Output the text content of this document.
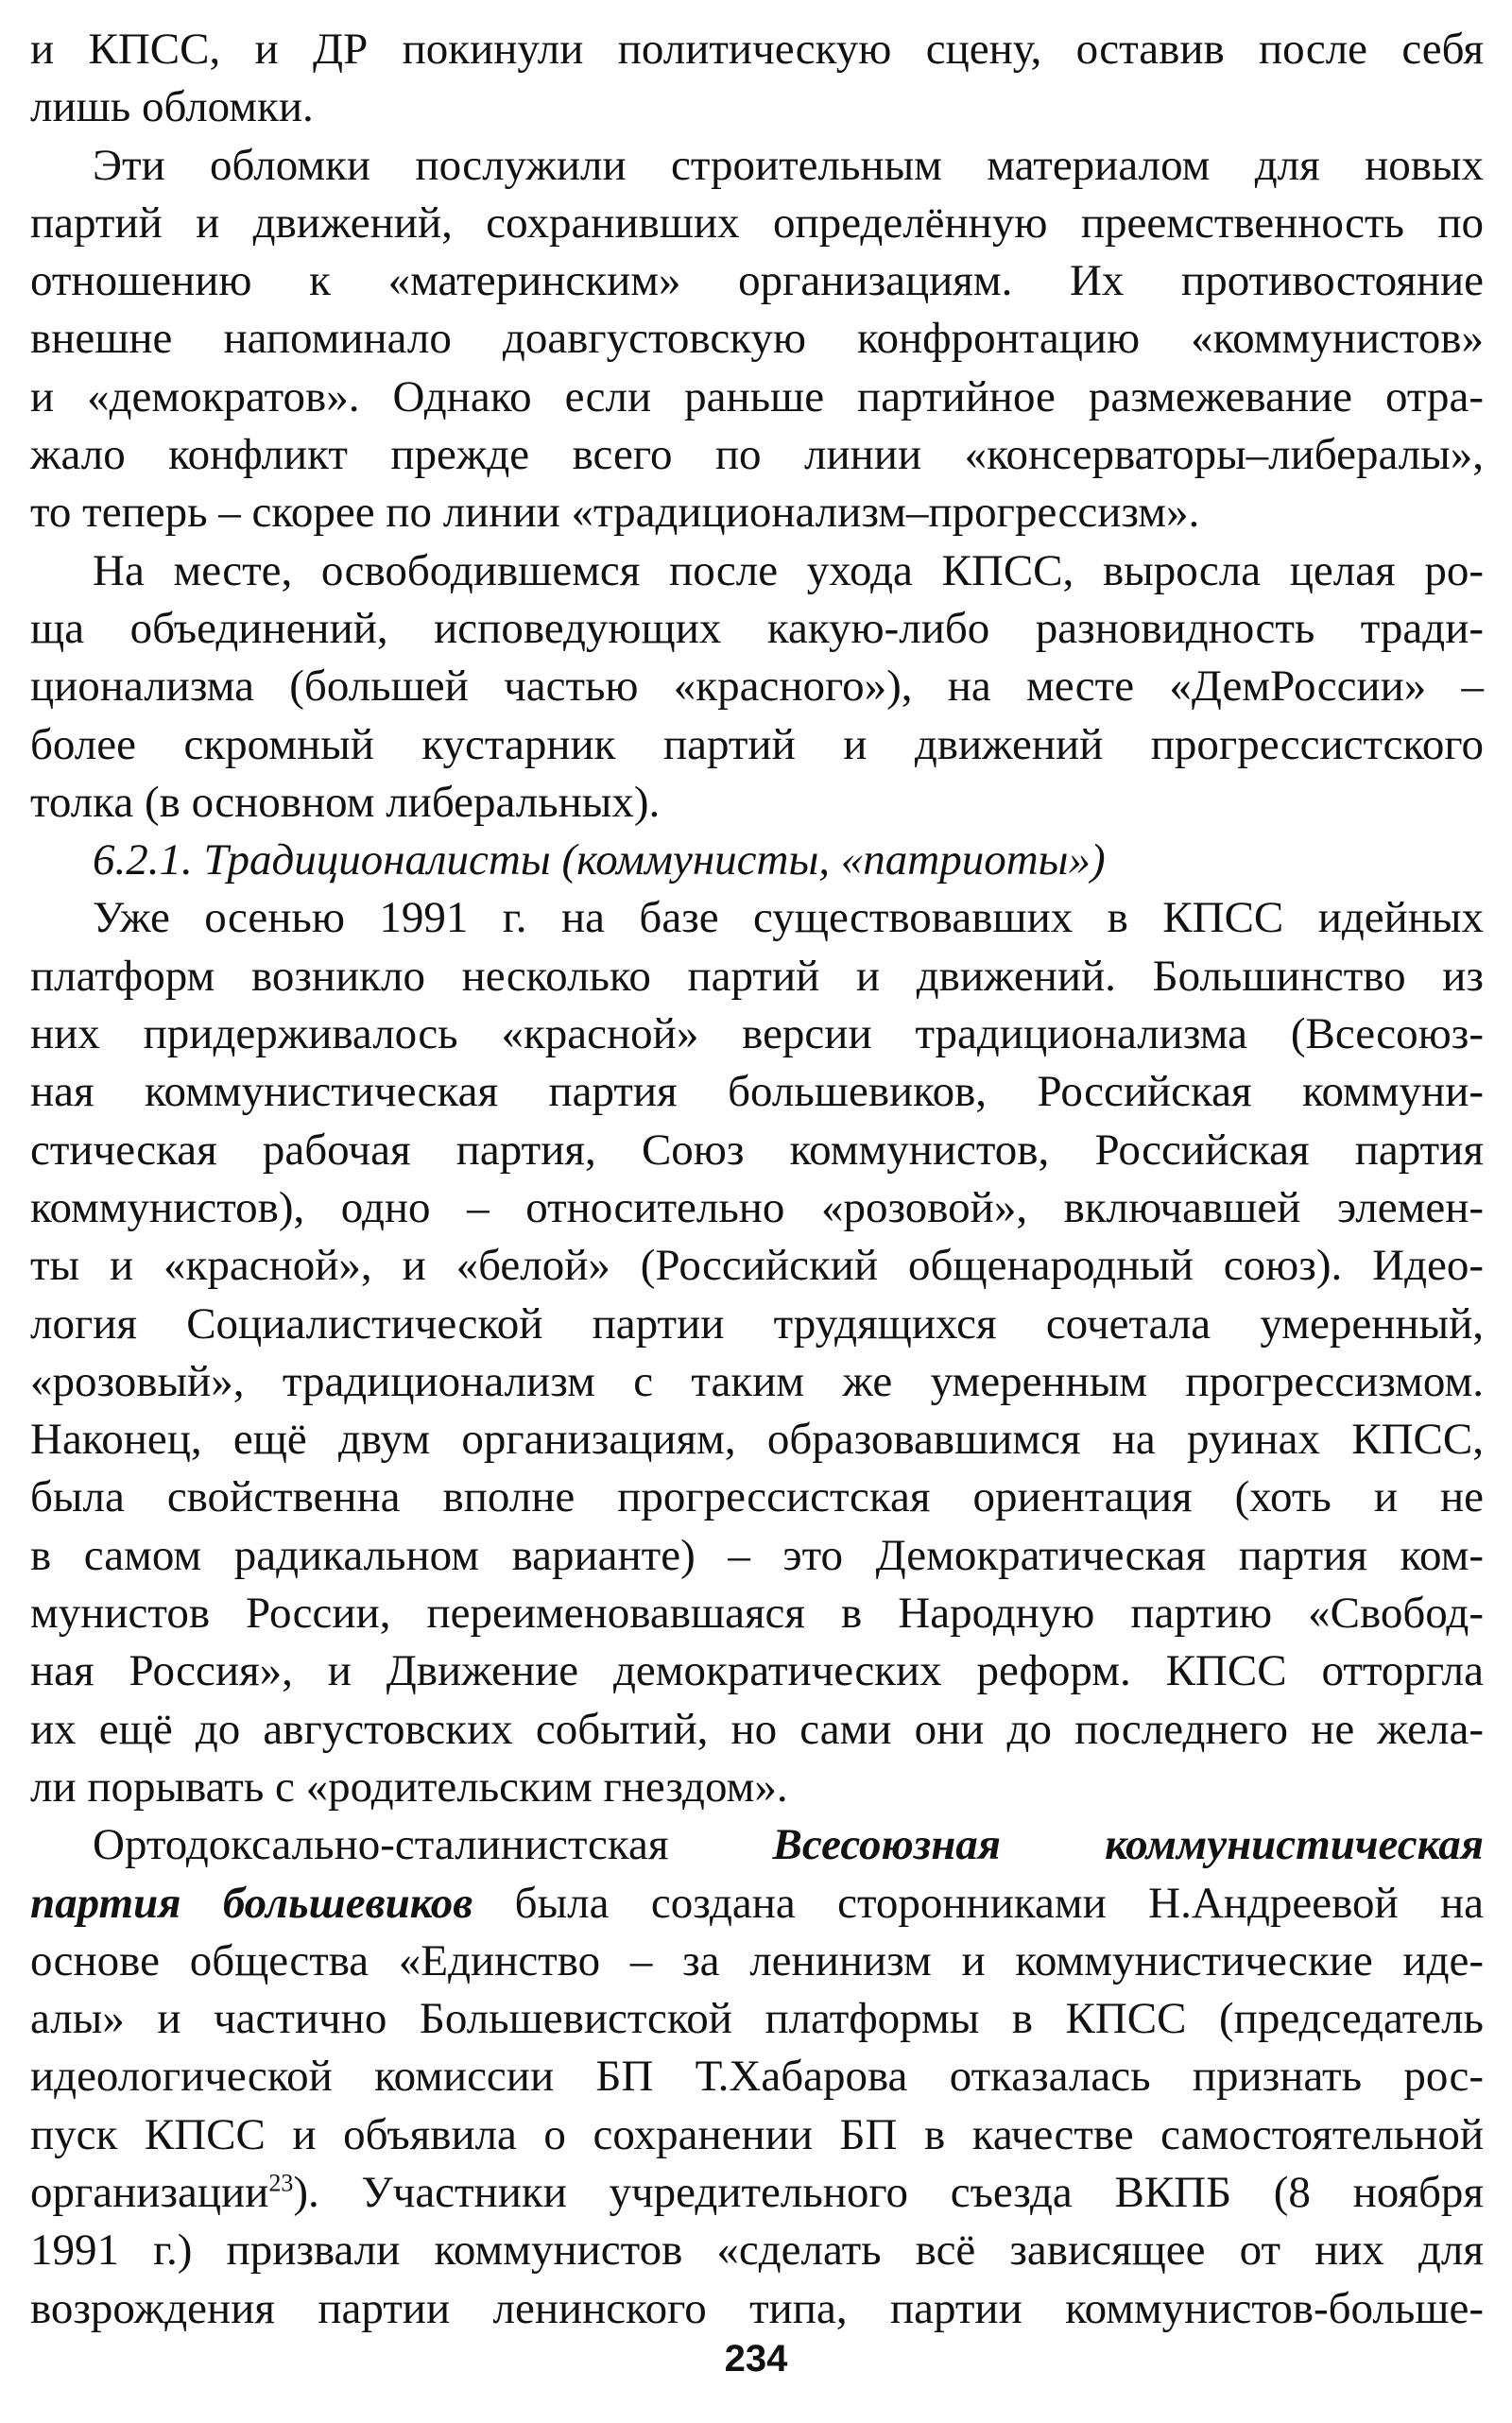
и КПСС, и ДР покинули политическую сцену, оставив после себя
лишь обломки.
Эти обломки послужили строительным материалом для новых
партий и движений, сохранивших определённую преемственность по
отношению к «материнским» организациям. Их противостояние
внешне напоминало доавгустовскую конфронтацию «коммунистов»
и «демократов». Однако если раньше партийное размежевание отра-
жало конфликт прежде всего по линии «консерваторы–либералы»,
то теперь – скорее по линии «традиционализм–прогрессизм».
На месте, освободившемся после ухода КПСС, выросла целая ро-
ща объединений, исповедующих какую-либо разновидность тради-
ционализма (большей частью «красного»), на месте «ДемРоссии» –
более скромный кустарник партий и движений прогрессистского
толка (в основном либеральных).
6.2.1. Традиционалисты (коммунисты, «патриоты»)
Уже осенью 1991 г. на базе существовавших в КПСС идейных
платформ возникло несколько партий и движений. Большинство из
них придерживалось «красной» версии традиционализма (Всесоюз-
ная коммунистическая партия большевиков, Российская коммуни-
стическая рабочая партия, Союз коммунистов, Российская партия
коммунистов), одно – относительно «розовой», включавшей элемен-
ты и «красной», и «белой» (Российский общенародный союз). Идео-
логия Социалистической партии трудящихся сочетала умеренный,
«розовый», традиционализм с таким же умеренным прогрессизмом.
Наконец, ещё двум организациям, образовавшимся на руинах КПСС,
была свойственна вполне прогрессистская ориентация (хоть и не
в самом радикальном варианте) – это Демократическая партия ком-
мунистов России, переименовавшаяся в Народную партию «Свобод-
ная Россия», и Движение демократических реформ. КПСС отторгла
их ещё до августовских событий, но сами они до последнего не жела-
ли порывать с «родительским гнездом».
Ортодоксально-сталинистская Всесоюзная коммунистическая
партия большевиков была создана сторонниками Н.Андреевой на
основе общества «Единство – за ленинизм и коммунистические иде-
алы» и частично Большевистской платформы в КПСС (председатель
идеологической комиссии БП Т.Хабарова отказалась признать рос-
пуск КПСС и объявила о сохранении БП в качестве самостоятельной
организации$^{23}$). Участники учредительного съезда ВКПБ (8 ноября
1991 г.) призвали коммунистов «сделать всё зависящее от них для
возрождения партии ленинского типа, партии коммунистов-больше-
234
